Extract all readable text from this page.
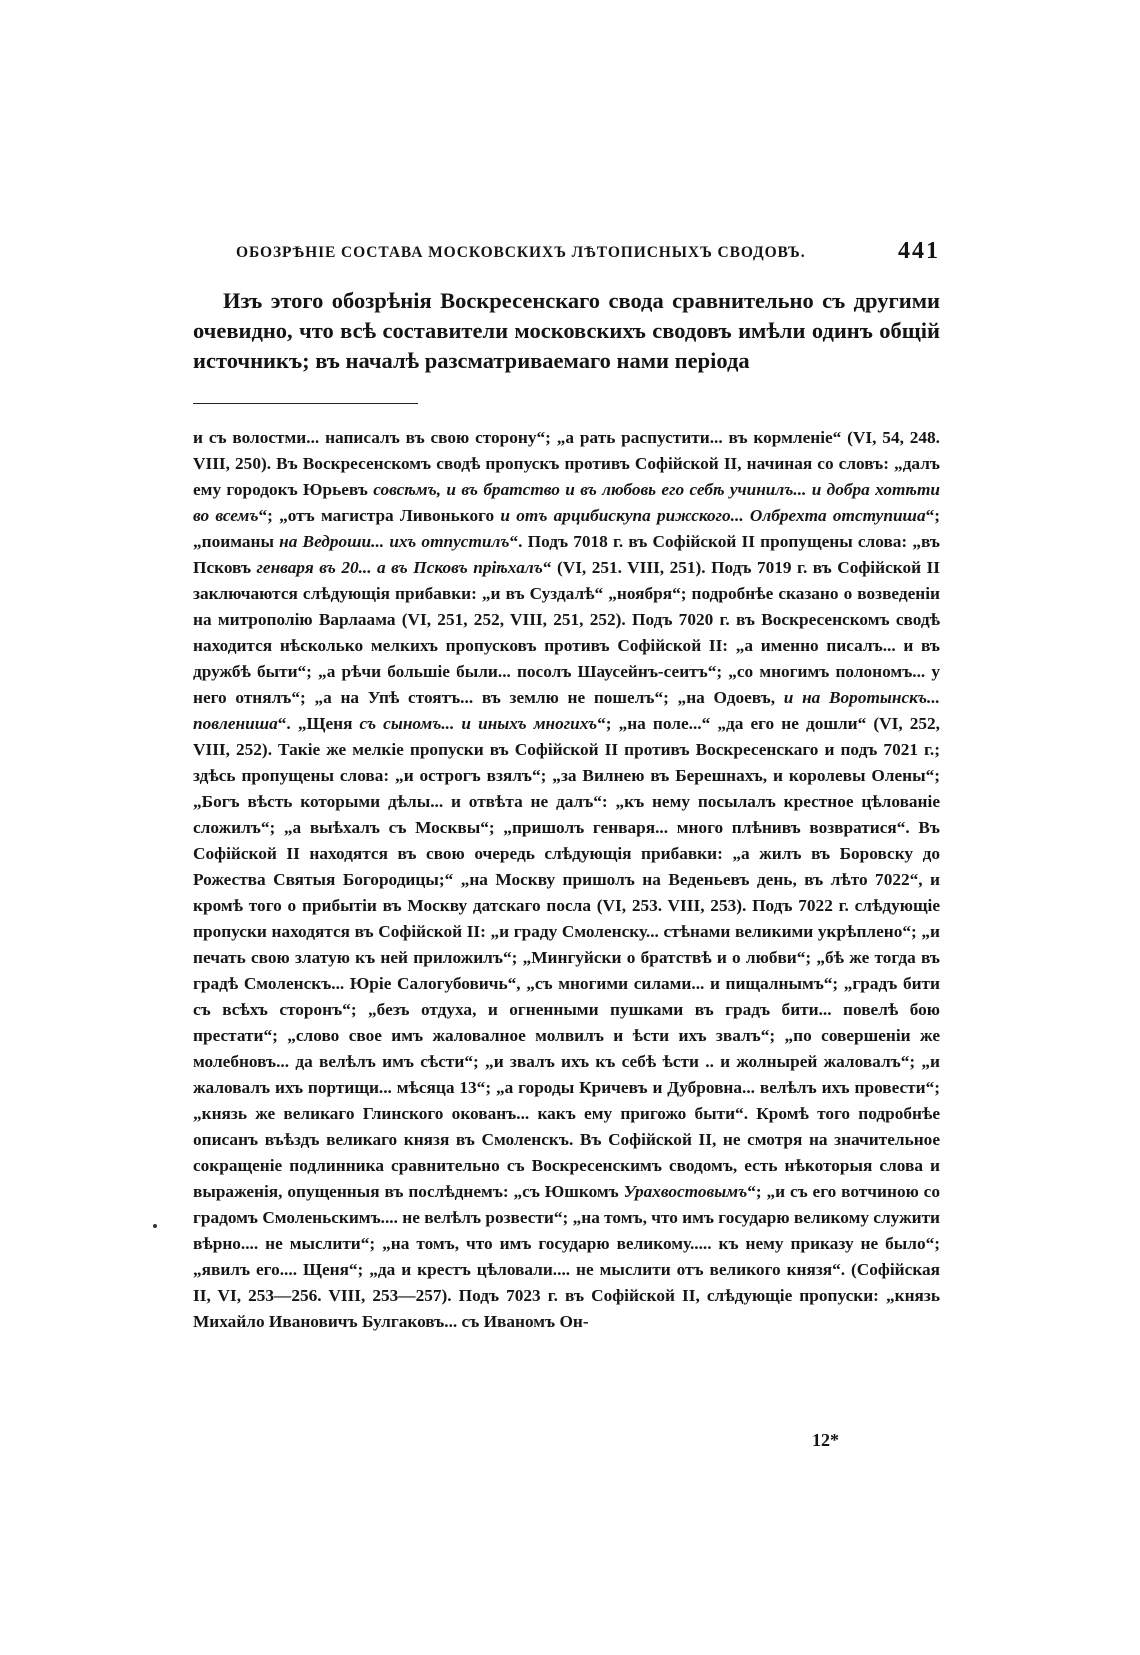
ОБОЗРѢНІЕ СОСТАВА МОСКОВСКИХЪ ЛѢТОПИСНЫХЪ СВОДОВЪ.	441

Изъ этого обозрѣнія Воскресенскаго свода сравнительно съ другими очевидно, что всѣ составители московскихъ сводовъ имѣли одинъ общій источникъ; въ началѣ разсматриваемаго нами періода

и съ волостми... написалъ въ свою сторону“; „а рать распустити... въ кормленіе“ (VI, 54, 248. VIII, 250). Въ Воскресенскомъ сводѣ пропускъ противъ Софійской II, начиная со словъ: „далъ ему городокъ Юрьевъ совсѣмъ, и въ братство и въ любовь его себѣ учинилъ... и добра хотѣти во всемъ“; „отъ магистра Ливонького и отъ арцибискупа рижского... Олбрехта отступиша“; „поиманы на Ведроши... ихъ отпустилъ“. Подъ 7018 г. въ Софійской II пропущены слова: „въ Псковъ генваря въ 20... а въ Псковъ пріѣхалъ“ (VI, 251. VIII, 251). Подъ 7019 г. въ Софійской II заключаются слѣдующія прибавки: „и въ Суздалѣ“ „ноября“; подробнѣе сказано о возведеніи на митрополію Варлаама (VI, 251, 252, VIII, 251, 252). Подъ 7020 г. въ Воскресенскомъ сводѣ находится нѣсколько мелкихъ пропусковъ противъ Софійской II: „а именно писалъ... и въ дружбѣ быти“; „а рѣчи большіе были... посолъ Шаусейнъ-сеитъ“; „со многимъ полономъ... у него отнялъ“; „а на Упѣ стоятъ... въ землю не пошелъ“; „на Одоевъ, и на Воротынскъ... повлениша“. „Щеня съ сыномъ... и иныхъ многихъ“; „на поле...“ „да его не дошли“ (VI, 252, VIII, 252). Такіе же мелкіе пропуски въ Софійской II противъ Воскресенскаго и подъ 7021 г.; здѣсь пропущены слова: „и острогъ взялъ“; „за Вилнею въ Берешнахъ, и королевы Олены“; „Богъ вѣсть которыми дѣлы... и отвѣта не далъ“: „къ нему посылалъ крестное цѣлованіе сложилъ“; „а выѣхалъ съ Москвы“; „пришолъ генваря... много плѣнивъ возвратися“. Въ Софійской II находятся въ свою очередь слѣдующія прибавки: „а жилъ въ Боровску до Рожества Святыя Богородицы;“ „на Москву пришолъ на Веденьевъ день, въ лѣто 7022“, и кромѣ того о прибытіи въ Москву датскаго посла (VI, 253. VIII, 253). Подъ 7022 г. слѣдующіе пропуски находятся въ Софійской II: „и граду Смоленску... стѣнами великими укрѣплено“; „и печать свою златую къ ней приложилъ“; „Мингуйски о братствѣ и о любви“; „бѣ же тогда въ градѣ Смоленскъ... Юріе Салогубовичь“, „съ многими силами... и пищалнымъ“; „градъ бити съ всѣхъ сторонъ“; „безъ отдуха, и огненными пушками въ градъ бити... повелѣ бою престати“; „слово свое имъ жаловалное молвилъ и ѣсти ихъ звалъ“; „по совершеніи же молебновъ... да велѣлъ имъ сѣсти“; „и звалъ ихъ къ себѣ ѣсти .. и жолнырей жаловалъ“; „и жаловалъ ихъ портищи... мѣсяца 13“; „а городы Кричевъ и Дубровна... велѣлъ ихъ провести“; „князь же великаго Глинского окованъ... какъ ему пригожо быти“. Кромѣ того подробнѣе описанъ въѣздъ великаго князя въ Смоленскъ. Въ Софійской II, не смотря на значительное сокращеніе подлинника сравнительно съ Воскресенскимъ сводомъ, есть нѣкоторыя слова и выраженія, опущенныя въ послѣднемъ: „съ Юшкомъ Урахвостовымъ“; „и съ его вотчиною со градомъ Смоленьскимъ.... не велѣлъ розвести“; „на томъ, что имъ государю великому служити вѣрно.... не мыслити“; „на томъ, что имъ государю великому..... къ нему приказу не было“; „явилъ его.... Щеня“; „да и крестъ цѣловали.... не мыслити отъ великого князя“. (Софійская II, VI, 253—256. VIII, 253—257). Подъ 7023 г. въ Софійской II, слѣдующіе пропуски: „князь Михайло Ивановичъ Булгаковъ... съ Иваномъ Он-

12*
